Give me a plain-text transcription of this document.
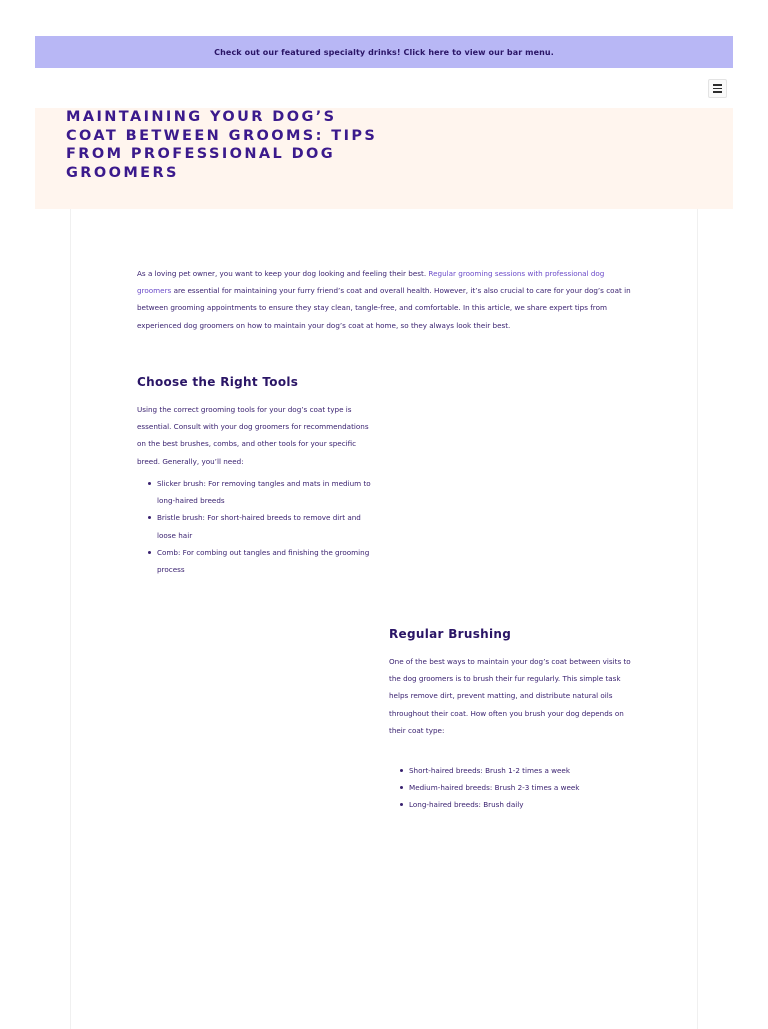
Check out our featured specialty drinks! Click here to view our bar menu.
MAINTAINING YOUR DOG’S COAT BETWEEN GROOMS: TIPS FROM PROFESSIONAL DOG GROOMERS

As a loving pet owner, you want to keep your dog looking and feeling their best. Regular grooming sessions with professional dog groomers are essential for maintaining your furry friend’s coat and overall health. However, it’s also crucial to care for your dog’s coat in between grooming appointments to ensure they stay clean, tangle-free, and comfortable. In this article, we share expert tips from experienced dog groomers on how to maintain your dog’s coat at home, so they always look their best.

Choose the Right Tools

Using the correct grooming tools for your dog’s coat type is essential. Consult with your dog groomers for recommendations on the best brushes, combs, and other tools for your specific breed. Generally, you’ll need:

Slicker brush: For removing tangles and mats in medium to long-haired breeds
Bristle brush: For short-haired breeds to remove dirt and loose hair
Comb: For combing out tangles and finishing the grooming process
Regular Brushing

One of the best ways to maintain your dog’s coat between visits to the dog groomers is to brush their fur regularly. This simple task helps remove dirt, prevent matting, and distribute natural oils throughout their coat. How often you brush your dog depends on their coat type:

Short-haired breeds: Brush 1-2 times a week
Medium-haired breeds: Brush 2-3 times a week
Long-haired breeds: Brush daily
